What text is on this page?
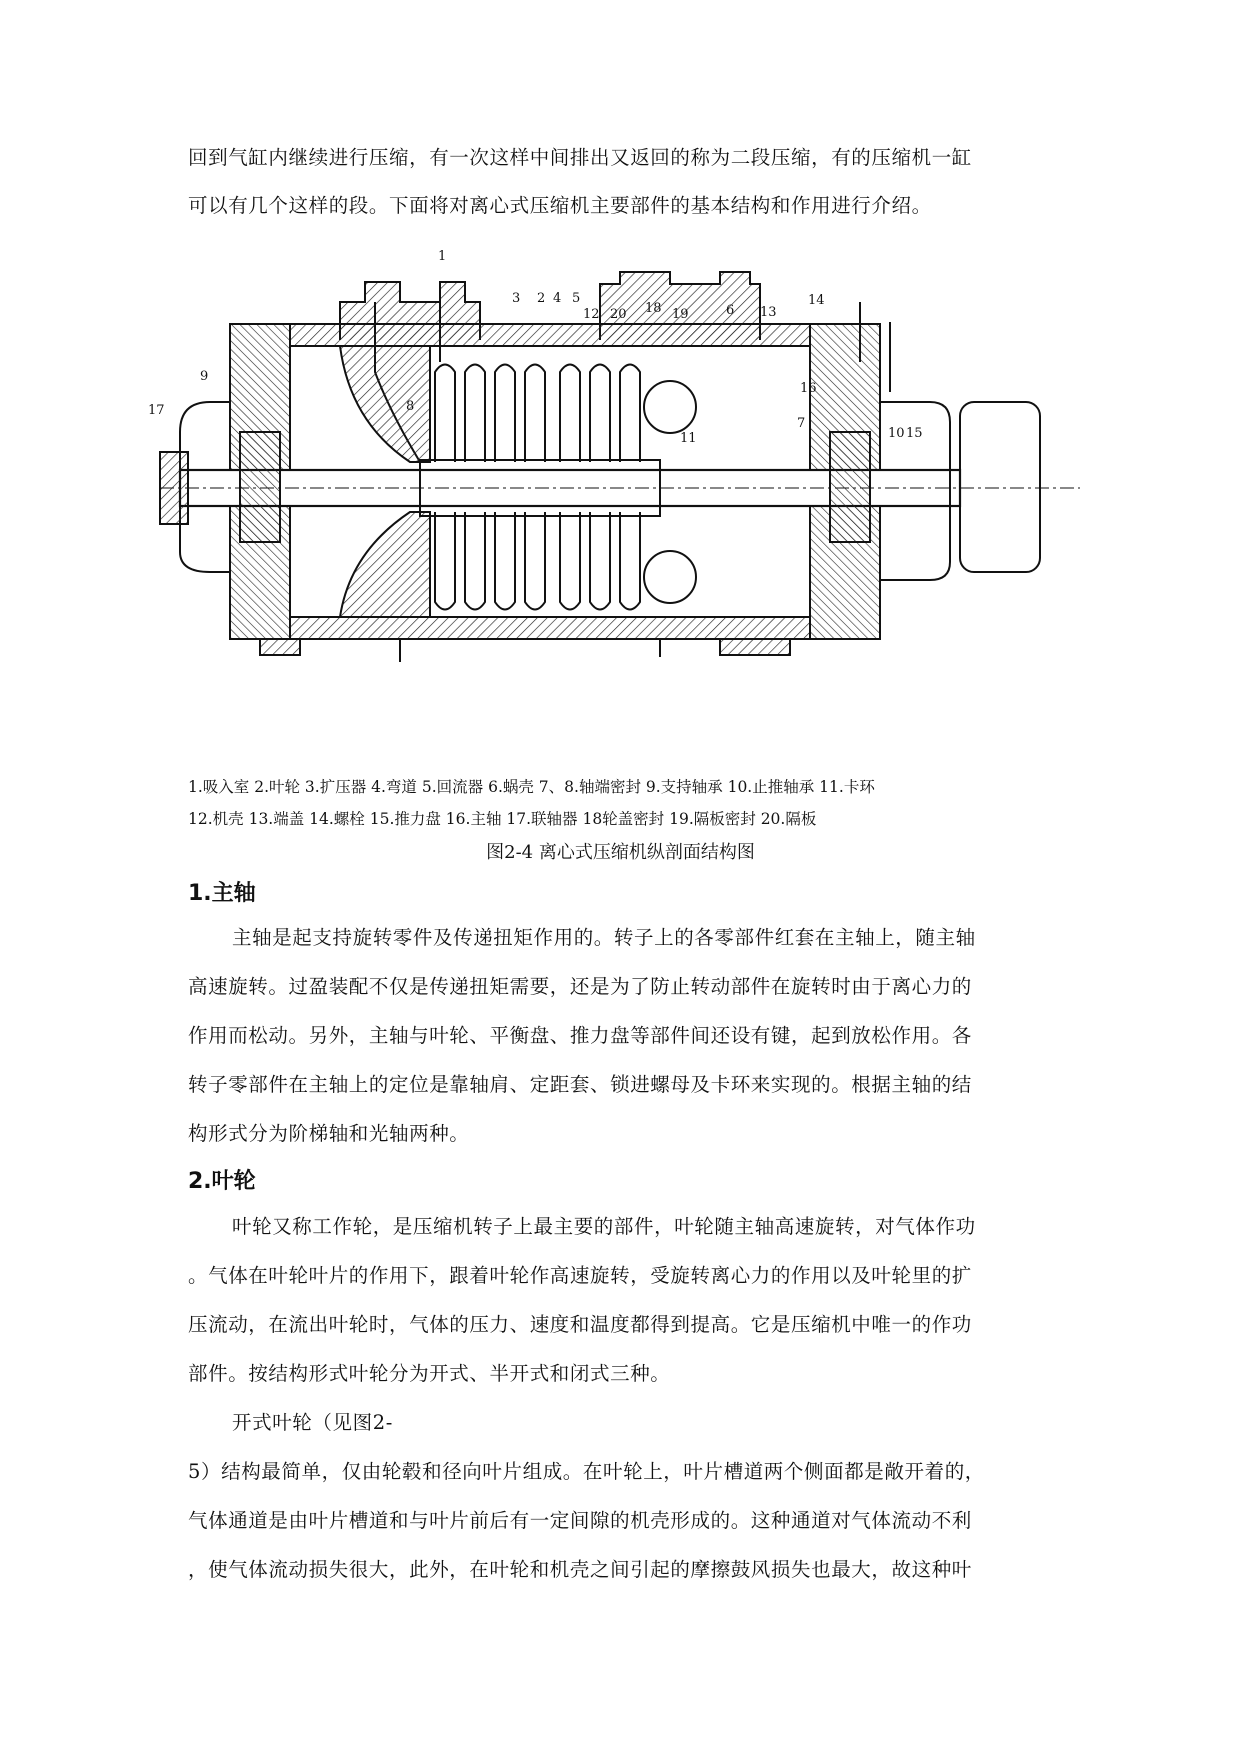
回到气缸内继续进行压缩，有一次这样中间排出又返回的称为二段压缩，有的压缩机一缸
可以有几个这样的段。下面将对离心式压缩机主要部件的基本结构和作用进行介绍。
1
2
3	4 5
6
7
8
9
10
11
12	13
14
15
16
17
18 19
20
1.吸入室 2.叶轮 3.扩压器 4.弯道 5.回流器 6.蜗壳 7、8.轴端密封 9.支持轴承 10.止推轴承 11.卡环
12.机壳 13.端盖 14.螺栓 15.推力盘 16.主轴 17.联轴器 18轮盖密封 19.隔板密封 20.隔板
图2-4 离心式压缩机纵剖面结构图
1.主轴
主轴是起支持旋转零件及传递扭矩作用的。转子上的各零部件红套在主轴上，随主轴
高速旋转。过盈装配不仅是传递扭矩需要，还是为了防止转动部件在旋转时由于离心力的
作用而松动。另外，主轴与叶轮、平衡盘、推力盘等部件间还设有键，起到放松作用。各
转子零部件在主轴上的定位是靠轴肩、定距套、锁进螺母及卡环来实现的。根据主轴的结
构形式分为阶梯轴和光轴两种。
2.叶轮
叶轮又称工作轮，是压缩机转子上最主要的部件，叶轮随主轴高速旋转，对气体作功
。气体在叶轮叶片的作用下，跟着叶轮作高速旋转，受旋转离心力的作用以及叶轮里的扩
压流动，在流出叶轮时，气体的压力、速度和温度都得到提高。它是压缩机中唯一的作功
部件。按结构形式叶轮分为开式、半开式和闭式三种。
开式叶轮（见图2-
5）结构最简单，仅由轮毂和径向叶片组成。在叶轮上，叶片槽道两个侧面都是敞开着的，
气体通道是由叶片槽道和与叶片前后有一定间隙的机壳形成的。这种通道对气体流动不利
，使气体流动损失很大，此外，在叶轮和机壳之间引起的摩擦鼓风损失也最大，故这种叶
